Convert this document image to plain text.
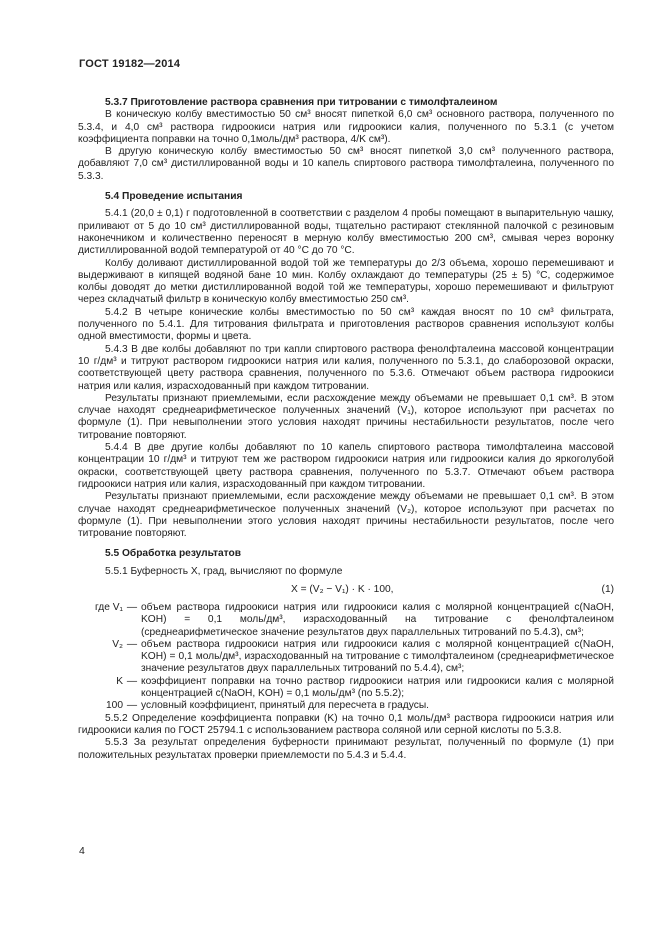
ГОСТ 19182—2014

5.3.7 Приготовление раствора сравнения при титровании с тимолфталеином

В коническую колбу вместимостью 50 см³ вносят пипеткой 6,0 см³ основного раствора, полученного по 5.3.4, и 4,0 см³ раствора гидроокиси натрия или гидроокиси калия, полученного по 5.3.1 (с учетом коэффициента поправки на точно 0,1моль/дм³ раствора, 4/K см³).

В другую коническую колбу вместимостью 50 см³ вносят пипеткой 3,0 см³ полученного раствора, добавляют 7,0 см³ дистиллированной воды и 10 капель спиртового раствора тимолфталеина, полученного по 5.3.3.

5.4 Проведение испытания

5.4.1 (20,0 ± 0,1) г подготовленной в соответствии с разделом 4 пробы помещают в выпарительную чашку, приливают от 5 до 10 см³ дистиллированной воды, тщательно растирают стеклянной палочкой с резиновым наконечником и количественно переносят в мерную колбу вместимостью 200 см³, смывая через воронку дистиллированной водой температурой от 40 °C до 70 °C.

Колбу доливают дистиллированной водой той же температуры до 2/3 объема, хорошо перемешивают и выдерживают в кипящей водяной бане 10 мин. Колбу охлаждают до температуры (25 ± 5) °C, содержимое колбы доводят до метки дистиллированной водой той же температуры, хорошо перемешивают и фильтруют через складчатый фильтр в коническую колбу вместимостью 250 см³.

5.4.2 В четыре конические колбы вместимостью по 50 см³ каждая вносят по 10 см³ фильтрата, полученного по 5.4.1. Для титрования фильтрата и приготовления растворов сравнения используют колбы одной вместимости, формы и цвета.

5.4.3 В две колбы добавляют по три капли спиртового раствора фенолфталеина массовой концентрации 10 г/дм³ и титруют раствором гидроокиси натрия или калия, полученного по 5.3.1, до слаборозовой окраски, соответствующей цвету раствора сравнения, полученного по 5.3.6. Отмечают объем раствора гидроокиси натрия или калия, израсходованный при каждом титровании.

Результаты признают приемлемыми, если расхождение между объемами не превышает 0,1 см³. В этом случае находят среднеарифметическое полученных значений (V₁), которое используют при расчетах по формуле (1). При невыполнении этого условия находят причины нестабильности результатов, после чего титрование повторяют.

5.4.4 В две другие колбы добавляют по 10 капель спиртового раствора тимолфталеина массовой концентрации 10 г/дм³ и титруют тем же раствором гидроокиси натрия или гидроокиси калия до яркоголубой окраски, соответствующей цвету раствора сравнения, полученного по 5.3.7. Отмечают объем раствора гидроокиси натрия или калия, израсходованный при каждом титровании.

Результаты признают приемлемыми, если расхождение между объемами не превышает 0,1 см³. В этом случае находят среднеарифметическое полученных значений (V₂), которое используют при расчетах по формуле (1). При невыполнении этого условия находят причины нестабильности результатов, после чего титрование повторяют.

5.5 Обработка результатов

5.5.1 Буферность X, град, вычисляют по формуле

X = (V₂ − V₁) · K · 100,	(1)
где V₁ — объем раствора гидроокиси натрия или гидроокиси калия с молярной концентрацией c(NaOH, KOH) = 0,1 моль/дм³, израсходованный на титрование с фенолфталеином (среднеарифметическое значение результатов двух параллельных титрований по 5.4.3), см³;
V₂ — объем раствора гидроокиси натрия или гидроокиси калия с молярной концентрацией c(NaOH, KOH) = 0,1 моль/дм³, израсходованный на титрование с тимолфталеином (среднеарифметическое значение результатов двух параллельных титрований по 5.4.4), см³;
K — коэффициент поправки на точно раствор гидроокиси натрия или гидроокиси калия с молярной концентрацией c(NaOH, KOH) = 0,1 моль/дм³ (по 5.5.2);
100 — условный коэффициент, принятый для пересчета в градусы.

5.5.2 Определение коэффициента поправки (K) на точно 0,1 моль/дм³ раствора гидроокиси натрия или гидроокиси калия по ГОСТ 25794.1 с использованием раствора соляной или серной кислоты по 5.3.8.

5.5.3 За результат определения буферности принимают результат, полученный по формуле (1) при положительных результатах проверки приемлемости по 5.4.3 и 5.4.4.

4
